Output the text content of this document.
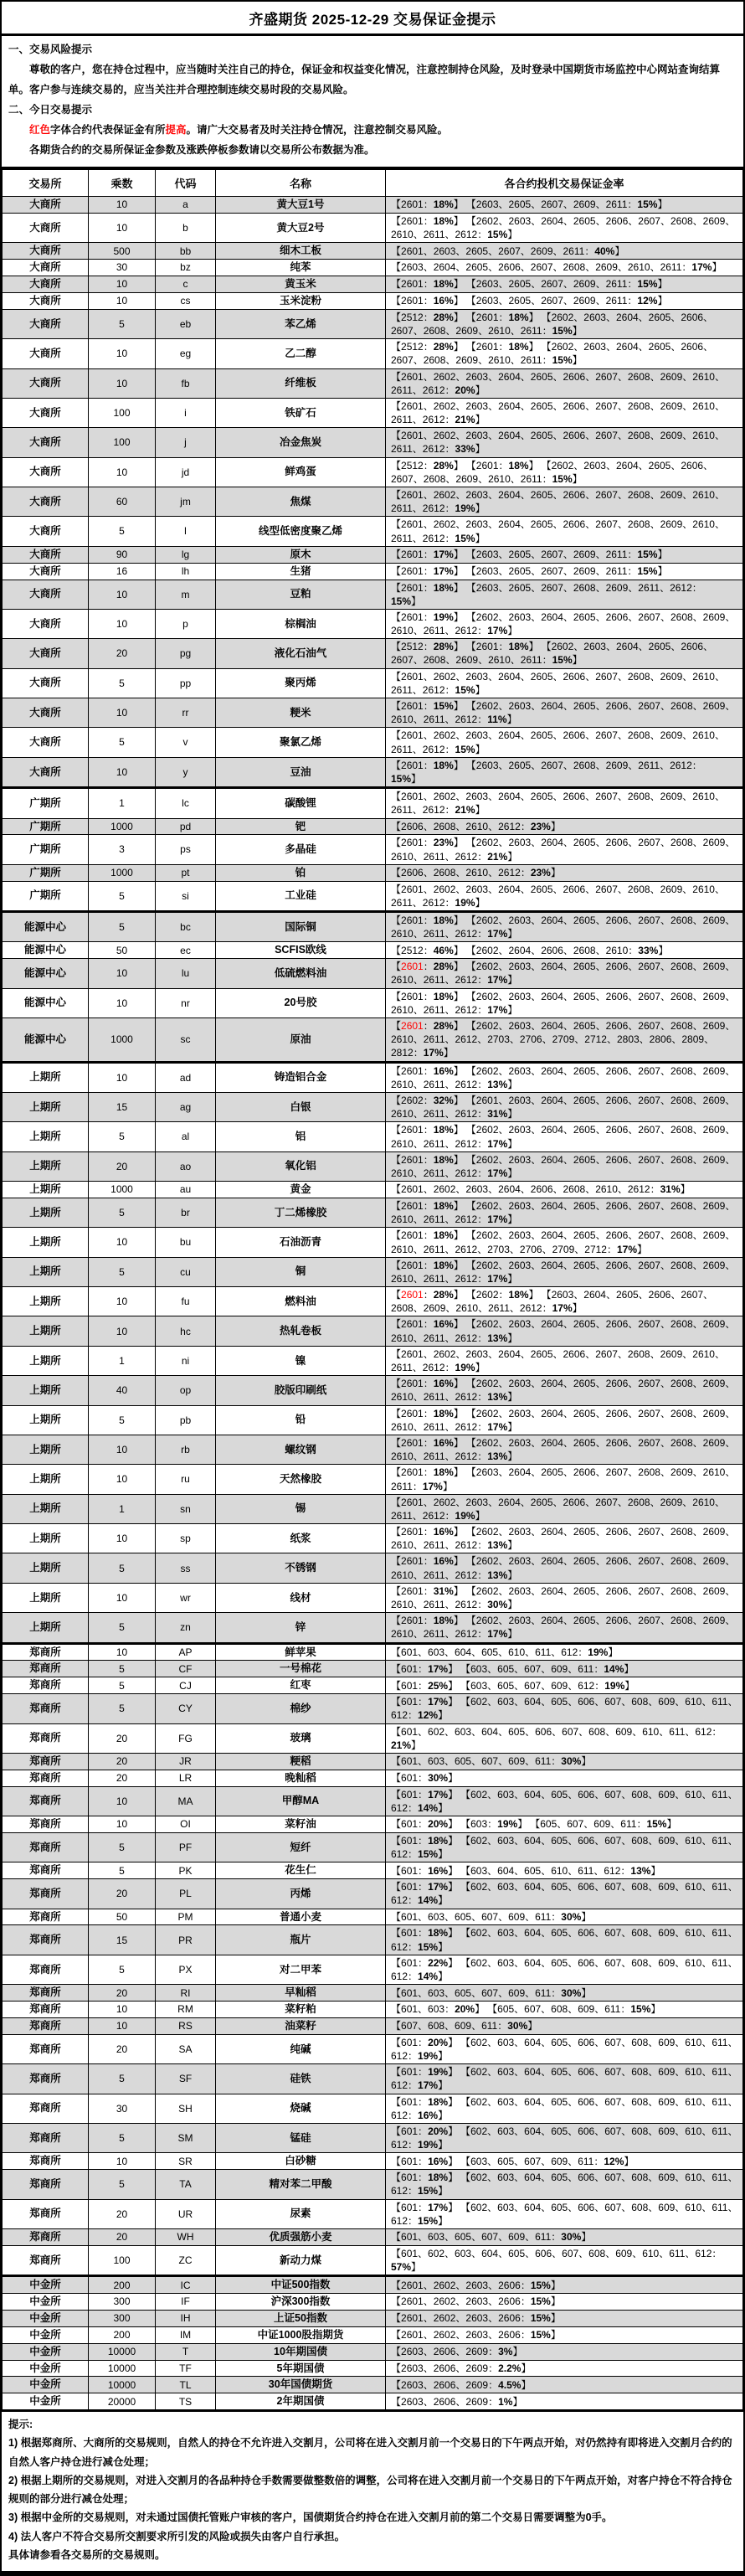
齐盛期货 2025-12-29 交易保证金提示

一、交易风险提示

尊敬的客户，您在持仓过程中，应当随时关注自己的持仓，保证金和权益变化情况，注意控制持仓风险，及时登录中国期货市场监控中心网站查询结算单。客户参与连续交易的，应当关注并合理控制连续交易时段的交易风险。

二、今日交易提示

红色字体合约代表保证金有所提高。请广大交易者及时关注持仓情况，注意控制交易风险。

各期货合约的交易所保证金参数及涨跌停板参数请以交易所公布数据为准。

交易所	乘数	代码	名称	各合约投机交易保证金率
大商所	10	a	黄大豆1号	【2601：18%】 【2603、2605、2607、2609、2611：15%】
大商所	10	b	黄大豆2号	【2601：18%】 【2602、2603、2604、2605、2606、2607、2608、2609、2610、2611、2612：15%】
大商所	500	bb	细木工板	【2601、2603、2605、2607、2609、2611：40%】
大商所	30	bz	纯苯	【2603、2604、2605、2606、2607、2608、2609、2610、2611：17%】
大商所	10	c	黄玉米	【2601：18%】 【2603、2605、2607、2609、2611：15%】
大商所	10	cs	玉米淀粉	【2601：16%】 【2603、2605、2607、2609、2611：12%】
大商所	5	eb	苯乙烯	【2512：28%】 【2601：18%】 【2602、2603、2604、2605、2606、2607、2608、2609、2610、2611：15%】
大商所	10	eg	乙二醇	【2512：28%】 【2601：18%】 【2602、2603、2604、2605、2606、2607、2608、2609、2610、2611：15%】
大商所	10	fb	纤维板	【2601、2602、2603、2604、2605、2606、2607、2608、2609、2610、2611、2612：20%】
大商所	100	i	铁矿石	【2601、2602、2603、2604、2605、2606、2607、2608、2609、2610、2611、2612：21%】
大商所	100	j	冶金焦炭	【2601、2602、2603、2604、2605、2606、2607、2608、2609、2610、2611、2612：33%】
大商所	10	jd	鲜鸡蛋	【2512：28%】 【2601：18%】 【2602、2603、2604、2605、2606、2607、2608、2609、2610、2611：15%】
大商所	60	jm	焦煤	【2601、2602、2603、2604、2605、2606、2607、2608、2609、2610、2611、2612：19%】
大商所	5	l	线型低密度聚乙烯	【2601、2602、2603、2604、2605、2606、2607、2608、2609、2610、2611、2612：15%】
大商所	90	lg	原木	【2601：17%】 【2603、2605、2607、2609、2611：15%】
大商所	16	lh	生猪	【2601：17%】 【2603、2605、2607、2609、2611：15%】
大商所	10	m	豆粕	【2601：18%】 【2603、2605、2607、2608、2609、2611、2612：15%】
大商所	10	p	棕榈油	【2601：19%】 【2602、2603、2604、2605、2606、2607、2608、2609、2610、2611、2612：17%】
大商所	20	pg	液化石油气	【2512：28%】 【2601：18%】 【2602、2603、2604、2605、2606、2607、2608、2609、2610、2611：15%】
大商所	5	pp	聚丙烯	【2601、2602、2603、2604、2605、2606、2607、2608、2609、2610、2611、2612：15%】
大商所	10	rr	粳米	【2601：15%】 【2602、2603、2604、2605、2606、2607、2608、2609、2610、2611、2612：11%】
大商所	5	v	聚氯乙烯	【2601、2602、2603、2604、2605、2606、2607、2608、2609、2610、2611、2612：15%】
大商所	10	y	豆油	【2601：18%】 【2603、2605、2607、2608、2609、2611、2612：15%】
广期所	1	lc	碳酸锂	【2601、2602、2603、2604、2605、2606、2607、2608、2609、2610、2611、2612：21%】
广期所	1000	pd	钯	【2606、2608、2610、2612：23%】
广期所	3	ps	多晶硅	【2601：23%】 【2602、2603、2604、2605、2606、2607、2608、2609、2610、2611、2612：21%】
广期所	1000	pt	铂	【2606、2608、2610、2612：23%】
广期所	5	si	工业硅	【2601、2602、2603、2604、2605、2606、2607、2608、2609、2610、2611、2612：19%】
能源中心	5	bc	国际铜	【2601：18%】 【2602、2603、2604、2605、2606、2607、2608、2609、2610、2611、2612：17%】
能源中心	50	ec	SCFIS欧线	【2512：46%】 【2602、2604、2606、2608、2610：33%】
能源中心	10	lu	低硫燃料油	【2601：28%】 【2602、2603、2604、2605、2606、2607、2608、2609、2610、2611、2612：17%】
能源中心	10	nr	20号胶	【2601：18%】 【2602、2603、2604、2605、2606、2607、2608、2609、2610、2611、2612：17%】
能源中心	1000	sc	原油	【2601：28%】 【2602、2603、2604、2605、2606、2607、2608、2609、2610、2611、2612、2703、2706、2709、2712、2803、2806、2809、2812：17%】
上期所	10	ad	铸造铝合金	【2601：16%】 【2602、2603、2604、2605、2606、2607、2608、2609、2610、2611、2612：13%】
上期所	15	ag	白银	【2602：32%】 【2601、2603、2604、2605、2606、2607、2608、2609、2610、2611、2612：31%】
上期所	5	al	铝	【2601：18%】 【2602、2603、2604、2605、2606、2607、2608、2609、2610、2611、2612：17%】
上期所	20	ao	氧化铝	【2601：18%】 【2602、2603、2604、2605、2606、2607、2608、2609、2610、2611、2612：17%】
上期所	1000	au	黄金	【2601、2602、2603、2604、2606、2608、2610、2612：31%】
上期所	5	br	丁二烯橡胶	【2601：18%】 【2602、2603、2604、2605、2606、2607、2608、2609、2610、2611、2612：17%】
上期所	10	bu	石油沥青	【2601：18%】 【2602、2603、2604、2605、2606、2607、2608、2609、2610、2611、2612、2703、2706、2709、2712：17%】
上期所	5	cu	铜	【2601：18%】 【2602、2603、2604、2605、2606、2607、2608、2609、2610、2611、2612：17%】
上期所	10	fu	燃料油	【2601：28%】 【2602：18%】 【2603、2604、2605、2606、2607、2608、2609、2610、2611、2612：17%】
上期所	10	hc	热轧卷板	【2601：16%】 【2602、2603、2604、2605、2606、2607、2608、2609、2610、2611、2612：13%】
上期所	1	ni	镍	【2601、2602、2603、2604、2605、2606、2607、2608、2609、2610、2611、2612：19%】
上期所	40	op	胶版印刷纸	【2601：16%】 【2602、2603、2604、2605、2606、2607、2608、2609、2610、2611、2612：13%】
上期所	5	pb	铅	【2601：18%】 【2602、2603、2604、2605、2606、2607、2608、2609、2610、2611、2612：17%】
上期所	10	rb	螺纹钢	【2601：16%】 【2602、2603、2604、2605、2606、2607、2608、2609、2610、2611、2612：13%】
上期所	10	ru	天然橡胶	【2601：18%】 【2603、2604、2605、2606、2607、2608、2609、2610、2611：17%】
上期所	1	sn	锡	【2601、2602、2603、2604、2605、2606、2607、2608、2609、2610、2611、2612：19%】
上期所	10	sp	纸浆	【2601：16%】 【2602、2603、2604、2605、2606、2607、2608、2609、2610、2611、2612：13%】
上期所	5	ss	不锈钢	【2601：16%】 【2602、2603、2604、2605、2606、2607、2608、2609、2610、2611、2612：13%】
上期所	10	wr	线材	【2601：31%】 【2602、2603、2604、2605、2606、2607、2608、2609、2610、2611、2612：30%】
上期所	5	zn	锌	【2601：18%】 【2602、2603、2604、2605、2606、2607、2608、2609、2610、2611、2612：17%】
郑商所	10	AP	鲜苹果	【601、603、604、605、610、611、612：19%】
郑商所	5	CF	一号棉花	【601：17%】 【603、605、607、609、611：14%】
郑商所	5	CJ	红枣	【601：25%】 【603、605、607、609、612：19%】
郑商所	5	CY	棉纱	【601：17%】 【602、603、604、605、606、607、608、609、610、611、612：12%】
郑商所	20	FG	玻璃	【601、602、603、604、605、606、607、608、609、610、611、612：21%】
郑商所	20	JR	粳稻	【601、603、605、607、609、611：30%】
郑商所	20	LR	晚籼稻	【601：30%】
郑商所	10	MA	甲醇MA	【601：17%】 【602、603、604、605、606、607、608、609、610、611、612：14%】
郑商所	10	OI	菜籽油	【601：20%】 【603：19%】 【605、607、609、611：15%】
郑商所	5	PF	短纤	【601：18%】 【602、603、604、605、606、607、608、609、610、611、612：15%】
郑商所	5	PK	花生仁	【601：16%】 【603、604、605、610、611、612：13%】
郑商所	20	PL	丙烯	【601：17%】 【602、603、604、605、606、607、608、609、610、611、612：14%】
郑商所	50	PM	普通小麦	【601、603、605、607、609、611：30%】
郑商所	15	PR	瓶片	【601：18%】 【602、603、604、605、606、607、608、609、610、611、612：15%】
郑商所	5	PX	对二甲苯	【601：22%】 【602、603、604、605、606、607、608、609、610、611、612：14%】
郑商所	20	RI	早籼稻	【601、603、605、607、609、611：30%】
郑商所	10	RM	菜籽粕	【601、603：20%】 【605、607、608、609、611：15%】
郑商所	10	RS	油菜籽	【607、608、609、611：30%】
郑商所	20	SA	纯碱	【601：20%】 【602、603、604、605、606、607、608、609、610、611、612：19%】
郑商所	5	SF	硅铁	【601：19%】 【602、603、604、605、606、607、608、609、610、611、612：17%】
郑商所	30	SH	烧碱	【601：18%】 【602、603、604、605、606、607、608、609、610、611、612：16%】
郑商所	5	SM	锰硅	【601：20%】 【602、603、604、605、606、607、608、609、610、611、612：19%】
郑商所	10	SR	白砂糖	【601：16%】 【603、605、607、609、611：12%】
郑商所	5	TA	精对苯二甲酸	【601：18%】 【602、603、604、605、606、607、608、609、610、611、612：15%】
郑商所	20	UR	尿素	【601：17%】 【602、603、604、605、606、607、608、609、610、611、612：15%】
郑商所	20	WH	优质强筋小麦	【601、603、605、607、609、611：30%】
郑商所	100	ZC	新动力煤	【601、602、603、604、605、606、607、608、609、610、611、612：57%】
中金所	200	IC	中证500指数	【2601、2602、2603、2606：15%】
中金所	300	IF	沪深300指数	【2601、2602、2603、2606：15%】
中金所	300	IH	上证50指数	【2601、2602、2603、2606：15%】
中金所	200	IM	中证1000股指期货	【2601、2602、2603、2606：15%】
中金所	10000	T	10年期国债	【2603、2606、2609：3%】
中金所	10000	TF	5年期国债	【2603、2606、2609：2.2%】
中金所	10000	TL	30年国债期货	【2603、2606、2609：4.5%】
中金所	20000	TS	2年期国债	【2603、2606、2609：1%】

提示:

1) 根据郑商所、大商所的交易规则，自然人的持仓不允许进入交割月，公司将在进入交割月前一个交易日的下午两点开始，对仍然持有即将进入交割月合约的自然人客户持仓进行减仓处理；

2) 根据上期所的交易规则，对进入交割月的各品种持仓手数需要做整数倍的调整，公司将在进入交割月前一个交易日的下午两点开始，对客户持仓不符合持仓规则的部分进行减仓处理；

3) 根据中金所的交易规则，对未通过国债托管账户审核的客户，国债期货合约持仓在进入交割月前的第二个交易日需要调整为0手。

4) 法人客户不符合交易所交割要求所引发的风险或损失由客户自行承担。

具体请参看各交易所的交易规则。
